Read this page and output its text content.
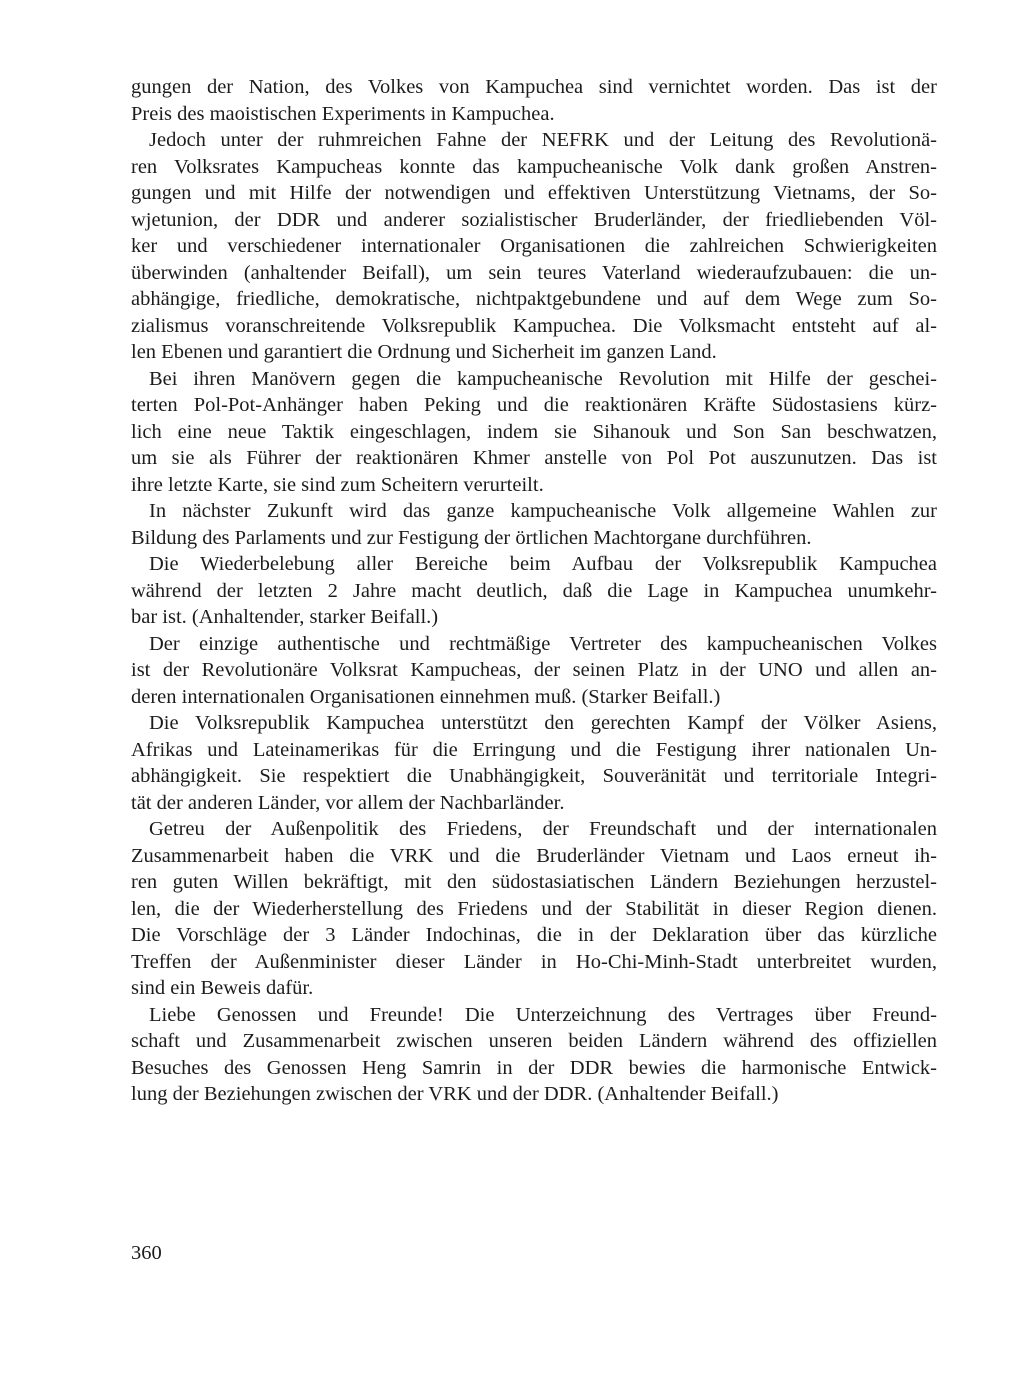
gungen der Nation, des Volkes von Kampuchea sind vernichtet worden. Das ist der
Preis des maoistischen Experiments in Kampuchea.

Jedoch unter der ruhmreichen Fahne der NEFRK und der Leitung des Revolutionä-
ren Volksrates Kampucheas konnte das kampucheanische Volk dank großen Anstren-
gungen und mit Hilfe der notwendigen und effektiven Unterstützung Vietnams, der So-
wjetunion, der DDR und anderer sozialistischer Bruderländer, der friedliebenden Völ-
ker und verschiedener internationaler Organisationen die zahlreichen Schwierigkeiten
überwinden (anhaltender Beifall), um sein teures Vaterland wiederaufzubauen: die un-
abhängige, friedliche, demokratische, nichtpaktgebundene und auf dem Wege zum So-
zialismus voranschreitende Volksrepublik Kampuchea. Die Volksmacht entsteht auf al-
len Ebenen und garantiert die Ordnung und Sicherheit im ganzen Land.

Bei ihren Manövern gegen die kampucheanische Revolution mit Hilfe der geschei-
terten Pol-Pot-Anhänger haben Peking und die reaktionären Kräfte Südostasiens kürz-
lich eine neue Taktik eingeschlagen, indem sie Sihanouk und Son San beschwatzen,
um sie als Führer der reaktionären Khmer anstelle von Pol Pot auszunutzen. Das ist
ihre letzte Karte, sie sind zum Scheitern verurteilt.

In nächster Zukunft wird das ganze kampucheanische Volk allgemeine Wahlen zur
Bildung des Parlaments und zur Festigung der örtlichen Machtorgane durchführen.

Die Wiederbelebung aller Bereiche beim Aufbau der Volksrepublik Kampuchea
während der letzten 2 Jahre macht deutlich, daß die Lage in Kampuchea unumkehr-
bar ist. (Anhaltender, starker Beifall.)

Der einzige authentische und rechtmäßige Vertreter des kampucheanischen Volkes
ist der Revolutionäre Volksrat Kampucheas, der seinen Platz in der UNO und allen an-
deren internationalen Organisationen einnehmen muß. (Starker Beifall.)

Die Volksrepublik Kampuchea unterstützt den gerechten Kampf der Völker Asiens,
Afrikas und Lateinamerikas für die Erringung und die Festigung ihrer nationalen Un-
abhängigkeit. Sie respektiert die Unabhängigkeit, Souveränität und territoriale Integri-
tät der anderen Länder, vor allem der Nachbarländer.

Getreu der Außenpolitik des Friedens, der Freundschaft und der internationalen
Zusammenarbeit haben die VRK und die Bruderländer Vietnam und Laos erneut ih-
ren guten Willen bekräftigt, mit den südostasiatischen Ländern Beziehungen herzustel-
len, die der Wiederherstellung des Friedens und der Stabilität in dieser Region dienen.
Die Vorschläge der 3 Länder Indochinas, die in der Deklaration über das kürzliche
Treffen der Außenminister dieser Länder in Ho-Chi-Minh-Stadt unterbreitet wurden,
sind ein Beweis dafür.

Liebe Genossen und Freunde! Die Unterzeichnung des Vertrages über Freund-
schaft und Zusammenarbeit zwischen unseren beiden Ländern während des offiziellen
Besuches des Genossen Heng Samrin in der DDR bewies die harmonische Entwick-
lung der Beziehungen zwischen der VRK und der DDR. (Anhaltender Beifall.)

360
